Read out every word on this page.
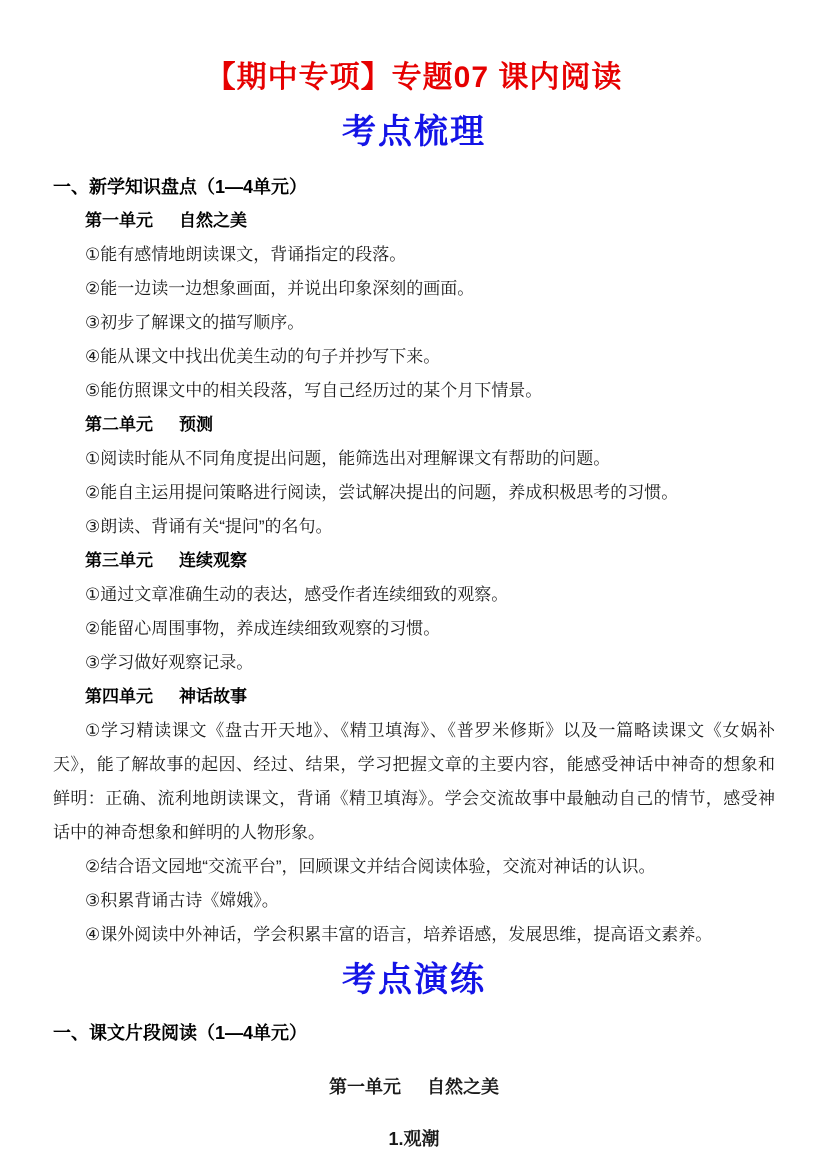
【期中专项】专题07 课内阅读
考点梳理
一、新学知识盘点（1—4单元）
第一单元 自然之美

①能有感情地朗读课文，背诵指定的段落。

②能一边读一边想象画面，并说出印象深刻的画面。

③初步了解课文的描写顺序。

④能从课文中找出优美生动的句子并抄写下来。

⑤能仿照课文中的相关段落，写自己经历过的某个月下情景。

第二单元 预测

①阅读时能从不同角度提出问题，能筛选出对理解课文有帮助的问题。

②能自主运用提问策略进行阅读，尝试解决提出的问题，养成积极思考的习惯。

③朗读、背诵有关“提问”的名句。

第三单元 连续观察

①通过文章准确生动的表达，感受作者连续细致的观察。

②能留心周围事物，养成连续细致观察的习惯。

③学习做好观察记录。

第四单元 神话故事

①学习精读课文《盘古开天地》、《精卫填海》、《普罗米修斯》以及一篇略读课文《女娲补天》，能了解故事的起因、经过、结果，学习把握文章的主要内容，能感受神话中神奇的想象和鲜明：正确、流利地朗读课文，背诵《精卫填海》。学会交流故事中最触动自己的情节，感受神话中的神奇想象和鲜明的人物形象。

②结合语文园地“交流平台”，回顾课文并结合阅读体验，交流对神话的认识。

③积累背诵古诗《嫦娥》。

④课外阅读中外神话，学会积累丰富的语言，培养语感，发展思维，提高语文素养。

考点演练
一、课文片段阅读（1—4单元）
第一单元 自然之美
1.观潮
